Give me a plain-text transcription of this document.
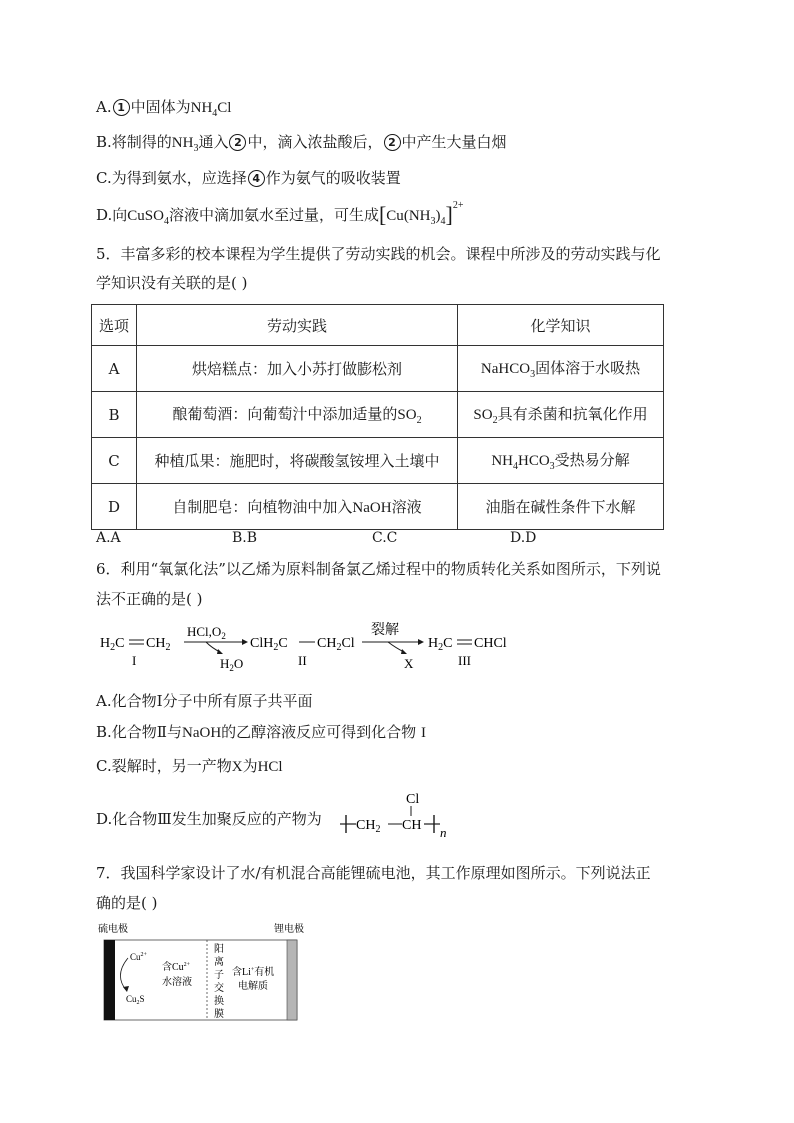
A. 1 中固体为$NH_4Cl$
B.将制得的$NH_3$通入 2 中，滴入浓盐酸后， 2 中产生大量白烟
C.为得到氨水，应选择 4 作为氨气的吸收装置
D.向CuSO$_4$溶液中滴加氨水至过量，可生成$[Cu(NH_3)_4]^{2+}$
5．丰富多彩的校本课程为学生提供了劳动实践的机会。课程中所涉及的劳动实践与化
学知识没有关联的是( )
选项	劳动实践	化学知识
A	烘焙糕点：加入小苏打做膨松剂	NaHCO$_3$固体溶于水吸热
B	酿葡萄酒：向葡萄汁中添加适量的$SO_2$	$SO_2$具有杀菌和抗氧化作用
C	种植瓜果：施肥时，将碳酸氢铵埋入土壤中	$NH_4HCO_3$受热易分解
D	自制肥皂：向植物油中加入NaOH溶液	油脂在碱性条件下水解
A.A	B.B	C.C	D.D
6．利用“氧氯化法”以乙烯为原料制备氯乙烯过程中的物质转化关系如图所示，下列说
法不正确的是( )
$H_2C$ $CH_2$
I
$HCl,O_2$
$H_2O$
ClH$_2$C $CH_2Cl$
II
裂解
X
$H_2C$ CHCl
III
A.化合物Ⅰ分子中所有原子共平面
B.化合物Ⅱ与NaOH的乙醇溶液反应可得到化合物 I
C.裂解时，另一产物X为HCl
D.化合物Ⅲ发生加聚反应的产物为
Cl
$CH_2$ CH n
7．我国科学家设计了水/有机混合高能锂硫电池，其工作原理如图所示。下列说法正
确的是( )
硫电极	锂电极
$Cu^{2+}$
$Cu_2S$
含$Cu^{2+}$
水溶液
阳
离
子
交
换
膜
含Li+有机
电解质
